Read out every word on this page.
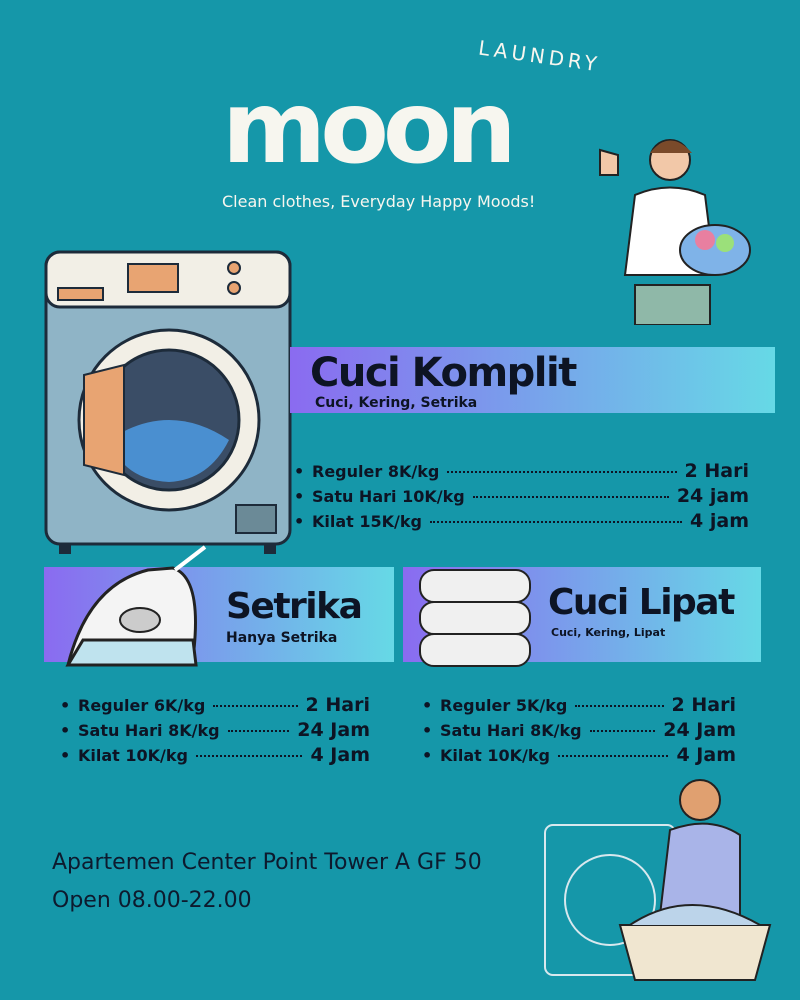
moon
LAUNDRY
Clean clothes, Everyday Happy Moods!
Cuci Komplit
Cuci, Kering, Setrika
• Reguler 8K/kg	2 Hari
• Satu Hari 10K/kg	24 jam
• Kilat 15K/kg	4 jam
Setrika
Hanya Setrika
Cuci Lipat
Cuci, Kering, Lipat
• Reguler 6K/kg	2 Hari
• Satu Hari 8K/kg	24 Jam
• Kilat 10K/kg	4 Jam
• Reguler 5K/kg	2 Hari
• Satu Hari 8K/kg	24 Jam
• Kilat 10K/kg	4 Jam
Apartemen Center Point Tower A GF 50
Open 08.00-22.00
